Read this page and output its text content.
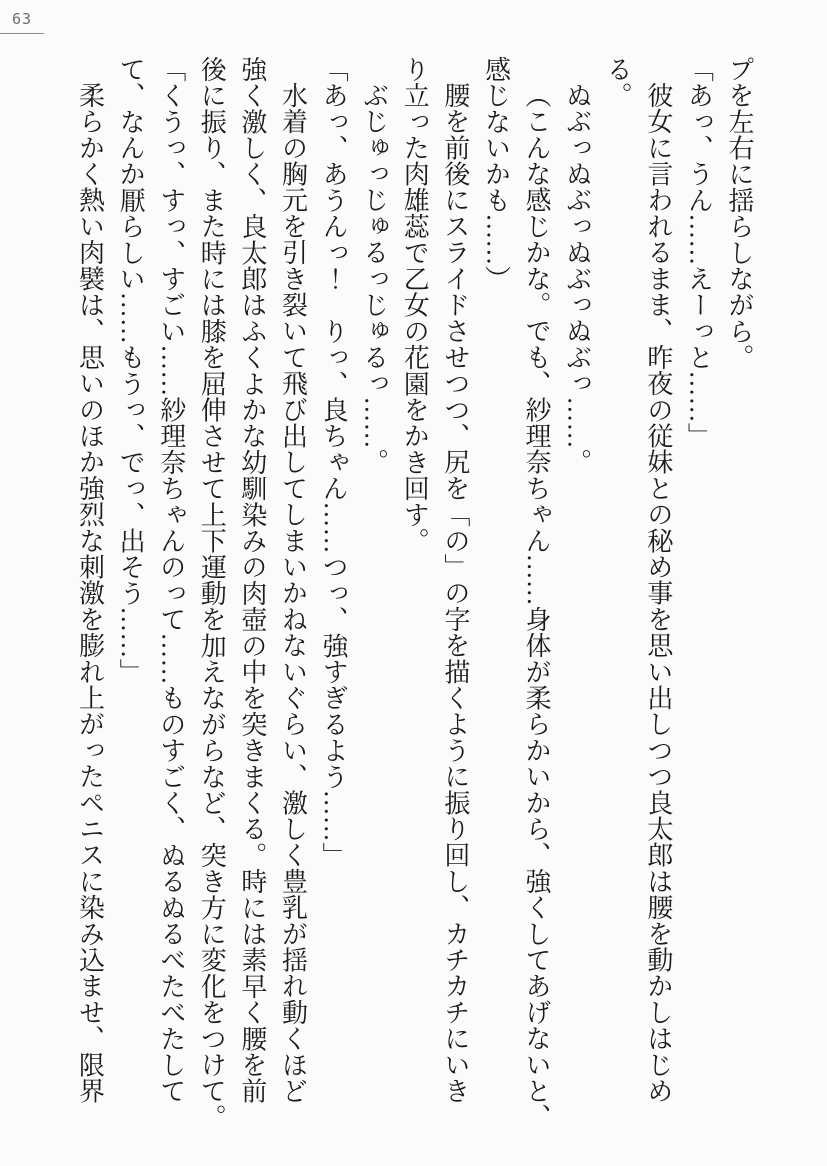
63

プを左右に揺らしながら。

「あっ、うん……えーっと……」

彼女に言われるまま、昨夜の従妹との秘め事を思い出しつつ良太郎は腰を動かしはじめ

る。

ぬぶっぬぶっぬぶっぬぶっ……。

（こんな感じかな。でも、紗理奈ちゃん……身体が柔らかいから、強くしてあげないと、

感じないかも……）

腰を前後にスライドさせつつ、尻を「の」の字を描くように振り回し、カチカチにいき

り立った肉雄蕊で乙女の花園をかき回す。

ぶじゅっじゅるっじゅるっ……。

「あっ、あうんっ！　りっ、良ちゃん……つっ、強すぎるよう……」

水着の胸元を引き裂いて飛び出してしまいかねないぐらい、激しく豊乳が揺れ動くほど

強く激しく、良太郎はふくよかな幼馴染みの肉壺の中を突きまくる。時には素早く腰を前

後に振り、また時には膝を屈伸させて上下運動を加えながらなど、突き方に変化をつけて。

「くうっ、すっ、すごい……紗理奈ちゃんのって……ものすごく、ぬるぬるべたべたして

て、なんか厭らしい……もうっ、でっ、出そう……」

柔らかく熱い肉襞は、思いのほか強烈な刺激を膨れ上がったペニスに染み込ませ、限界
